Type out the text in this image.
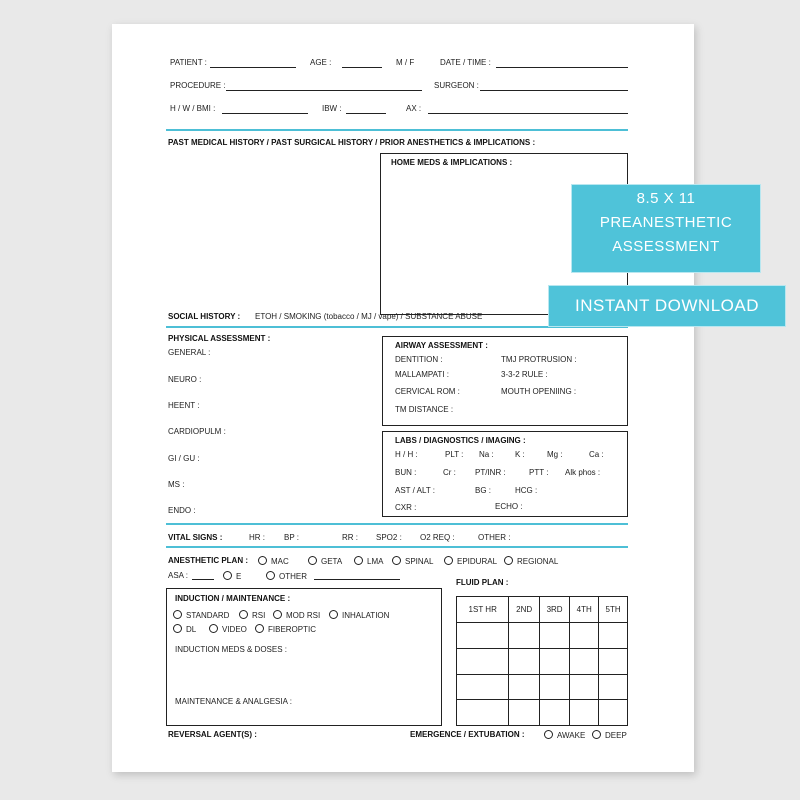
PATIENT :	AGE :	M / F	DATE / TIME :
PROCEDURE :	SURGEON :
H / W / BMI :	IBW :	AX :
PAST MEDICAL HISTORY / PAST SURGICAL HISTORY / PRIOR ANESTHETICS & IMPLICATIONS :
HOME MEDS & IMPLICATIONS :
SOCIAL HISTORY : ETOH / SMOKING (tobacco / MJ / vape) / SUBSTANCE ABUSE
PHYSICAL ASSESSMENT :
GENERAL :
NEURO :
HEENT :
CARDIOPULM :
GI / GU :
MS :
ENDO :
AIRWAY ASSESSMENT :
DENTITION :	TMJ PROTRUSION :
MALLAMPATI :	3-3-2 RULE :
CERVICAL ROM :	MOUTH OPENIING :
TM DISTANCE :
LABS / DIAGNOSTICS / IMAGING :
H / H :	PLT : Na :	K :	Mg :	Ca :
BUN :	Cr : PT/INR :	PTT : Alk phos :
AST / ALT :	BG :	HCG :
CXR :	ECHO :
VITAL SIGNS :	HR : BP :	RR : SPO2 : O2 REQ :	OTHER :
ANESTHETIC PLAN :	MAC	GETA	LMA	SPINAL	EPIDURAL	REGIONAL
ASA :	E	OTHER
INDUCTION / MAINTENANCE :
STANDARD	RSI	MOD RSI	INHALATION
DL	VIDEO	FIBEROPTIC
INDUCTION MEDS & DOSES :
MAINTENANCE & ANALGESIA :
FLUID PLAN :
1ST HR	2ND	3RD	4TH	5TH

REVERSAL AGENT(S) :	EMERGENCE / EXTUBATION :	AWAKE	DEEP
8.5 X 11
PREANESTHETIC
ASSESSMENT
INSTANT DOWNLOAD
